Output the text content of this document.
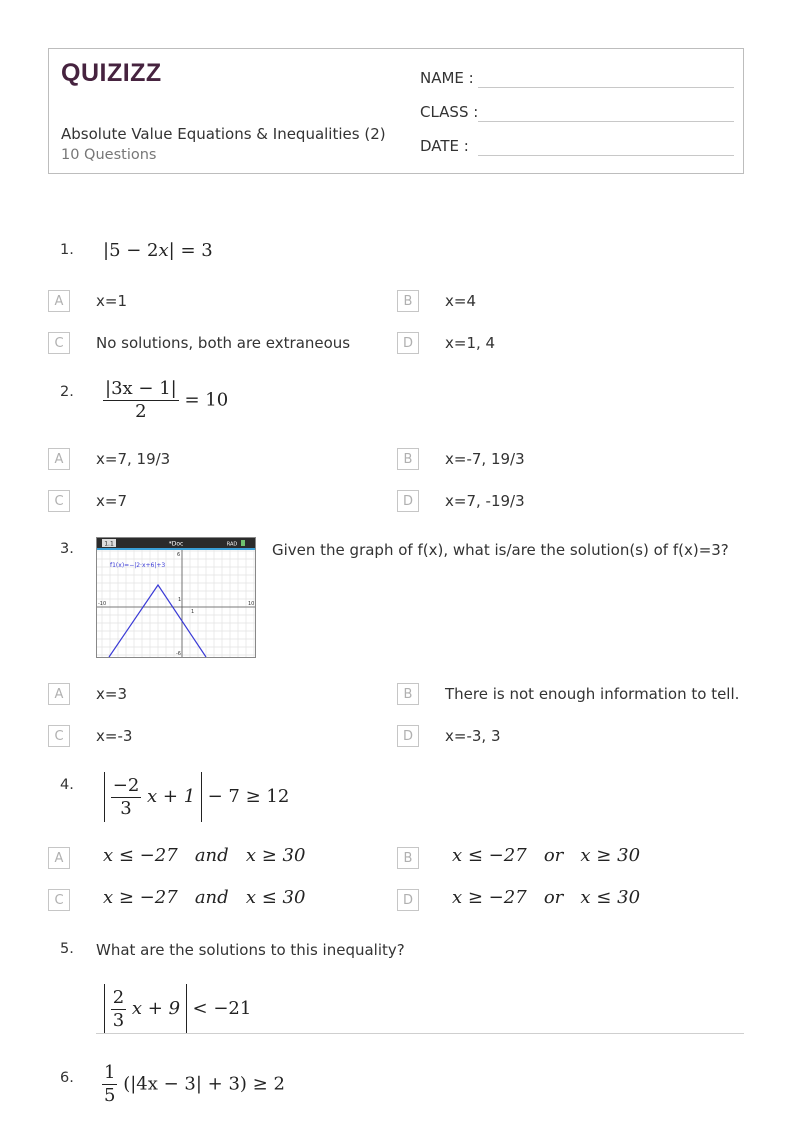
QUIZIZZ
Absolute Value Equations & Inequalities (2)
10 Questions
NAME :
CLASS :
DATE :
1. |5 − 2x| = 3
A	x=1	B	x=4
C	No solutions, both are extraneous	D	x=1, 4
2. $\frac{|3x - 1|}{2} = 10$
A	x=7, 19/3	B	x=-7, 19/3
C	x=7	D	x=7, -19/3
3.	1.1	*Doc	RAD
f1(x)=−|2·x+6|+3
-10	10
6
-6
1
1
Given the graph of f(x), what is/are the solution(s) of f(x)=3?
A	x=3	B	There is not enough information to tell.
C	x=-3	D	x=-3, 3
4.
$\frac{-2}{3}$ x + 1 − 7 ≥ 12
A	x ≤ −27   and   x ≥ 30	B	x ≤ −27   or   x ≥ 30
C	x ≥ −27   and   x ≤ 30	D	x ≥ −27   or   x ≤ 30
5. What are the solutions to this inequality?

$\frac{2}{3}$ x + 9 < −21
6. $\frac{1}{5} (|4x - 3| + 3) \ge 2$
